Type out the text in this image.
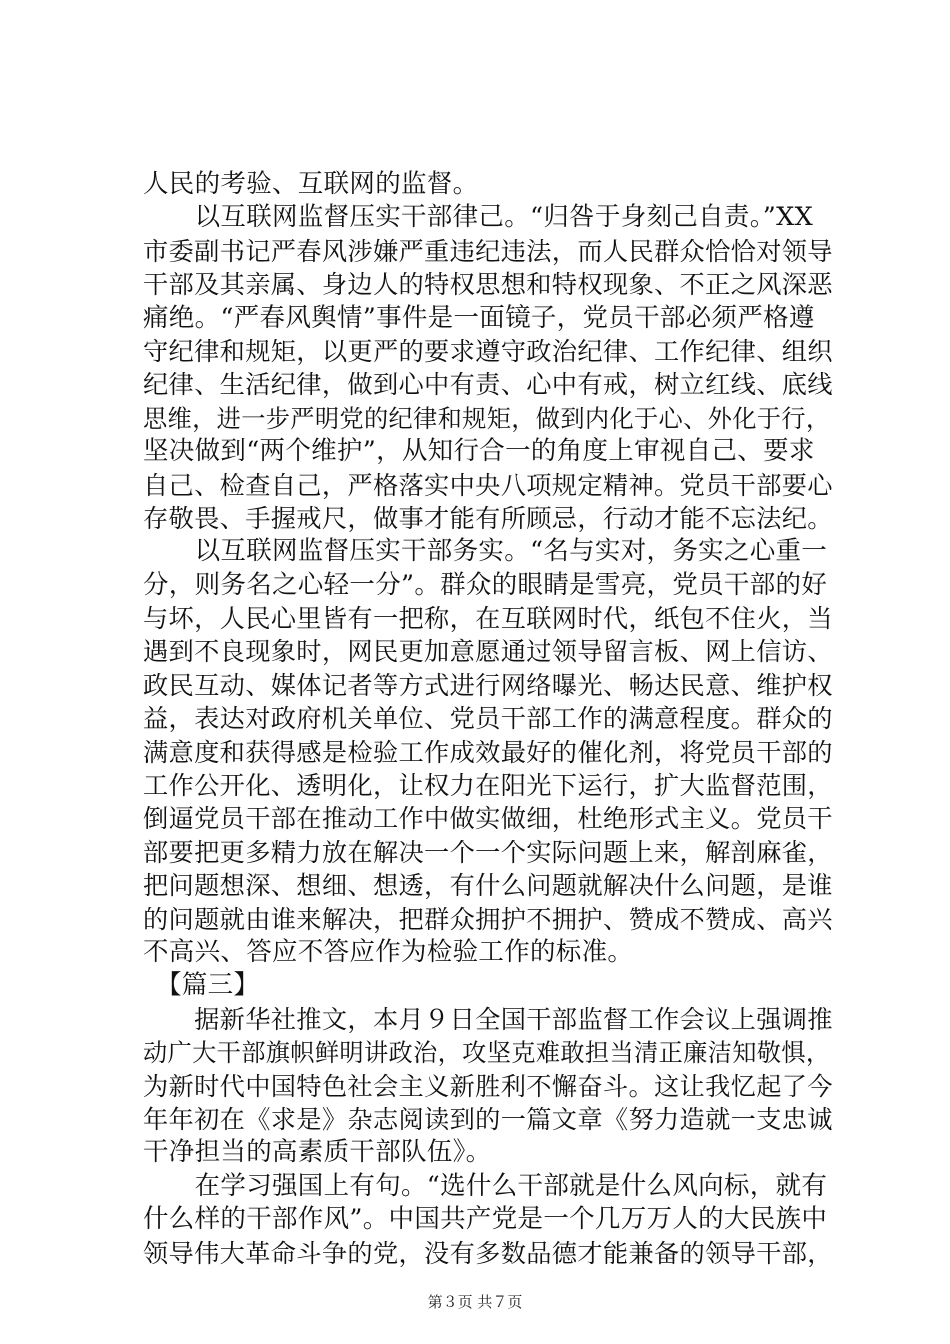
人民的考验、互联网的监督。
　　以互联网监督压实干部律己。“归咎于身刻己自责。”XX
市委副书记严春风涉嫌严重违纪违法，而人民群众恰恰对领导
干部及其亲属、身边人的特权思想和特权现象、不正之风深恶
痛绝。“严春风舆情”事件是一面镜子，党员干部必须严格遵
守纪律和规矩，以更严的要求遵守政治纪律、工作纪律、组织
纪律、生活纪律，做到心中有责、心中有戒，树立红线、底线
思维，进一步严明党的纪律和规矩，做到内化于心、外化于行，
坚决做到“两个维护”，从知行合一的角度上审视自己、要求
自己、检查自己，严格落实中央八项规定精神。党员干部要心
存敬畏、手握戒尺，做事才能有所顾忌，行动才能不忘法纪。
　　以互联网监督压实干部务实。“名与实对，务实之心重一
分，则务名之心轻一分”。群众的眼睛是雪亮，党员干部的好
与坏，人民心里皆有一把称，在互联网时代，纸包不住火，当
遇到不良现象时，网民更加意愿通过领导留言板、网上信访、
政民互动、媒体记者等方式进行网络曝光、畅达民意、维护权
益，表达对政府机关单位、党员干部工作的满意程度。群众的
满意度和获得感是检验工作成效最好的催化剂，将党员干部的
工作公开化、透明化，让权力在阳光下运行，扩大监督范围，
倒逼党员干部在推动工作中做实做细，杜绝形式主义。党员干
部要把更多精力放在解决一个一个实际问题上来，解剖麻雀，
把问题想深、想细、想透，有什么问题就解决什么问题，是谁
的问题就由谁来解决，把群众拥护不拥护、赞成不赞成、高兴
不高兴、答应不答应作为检验工作的标准。
　【篇三】
　　据新华社推文，本月９日全国干部监督工作会议上强调推
动广大干部旗帜鲜明讲政治，攻坚克难敢担当清正廉洁知敬惧，
为新时代中国特色社会主义新胜利不懈奋斗。这让我忆起了今
年年初在《求是》杂志阅读到的一篇文章《努力造就一支忠诚
干净担当的高素质干部队伍》。
　　在学习强国上有句。“选什么干部就是什么风向标，就有
什么样的干部作风”。中国共产党是一个几万万人的大民族中
领导伟大革命斗争的党，没有多数品德才能兼备的领导干部，
第３页 共７页
